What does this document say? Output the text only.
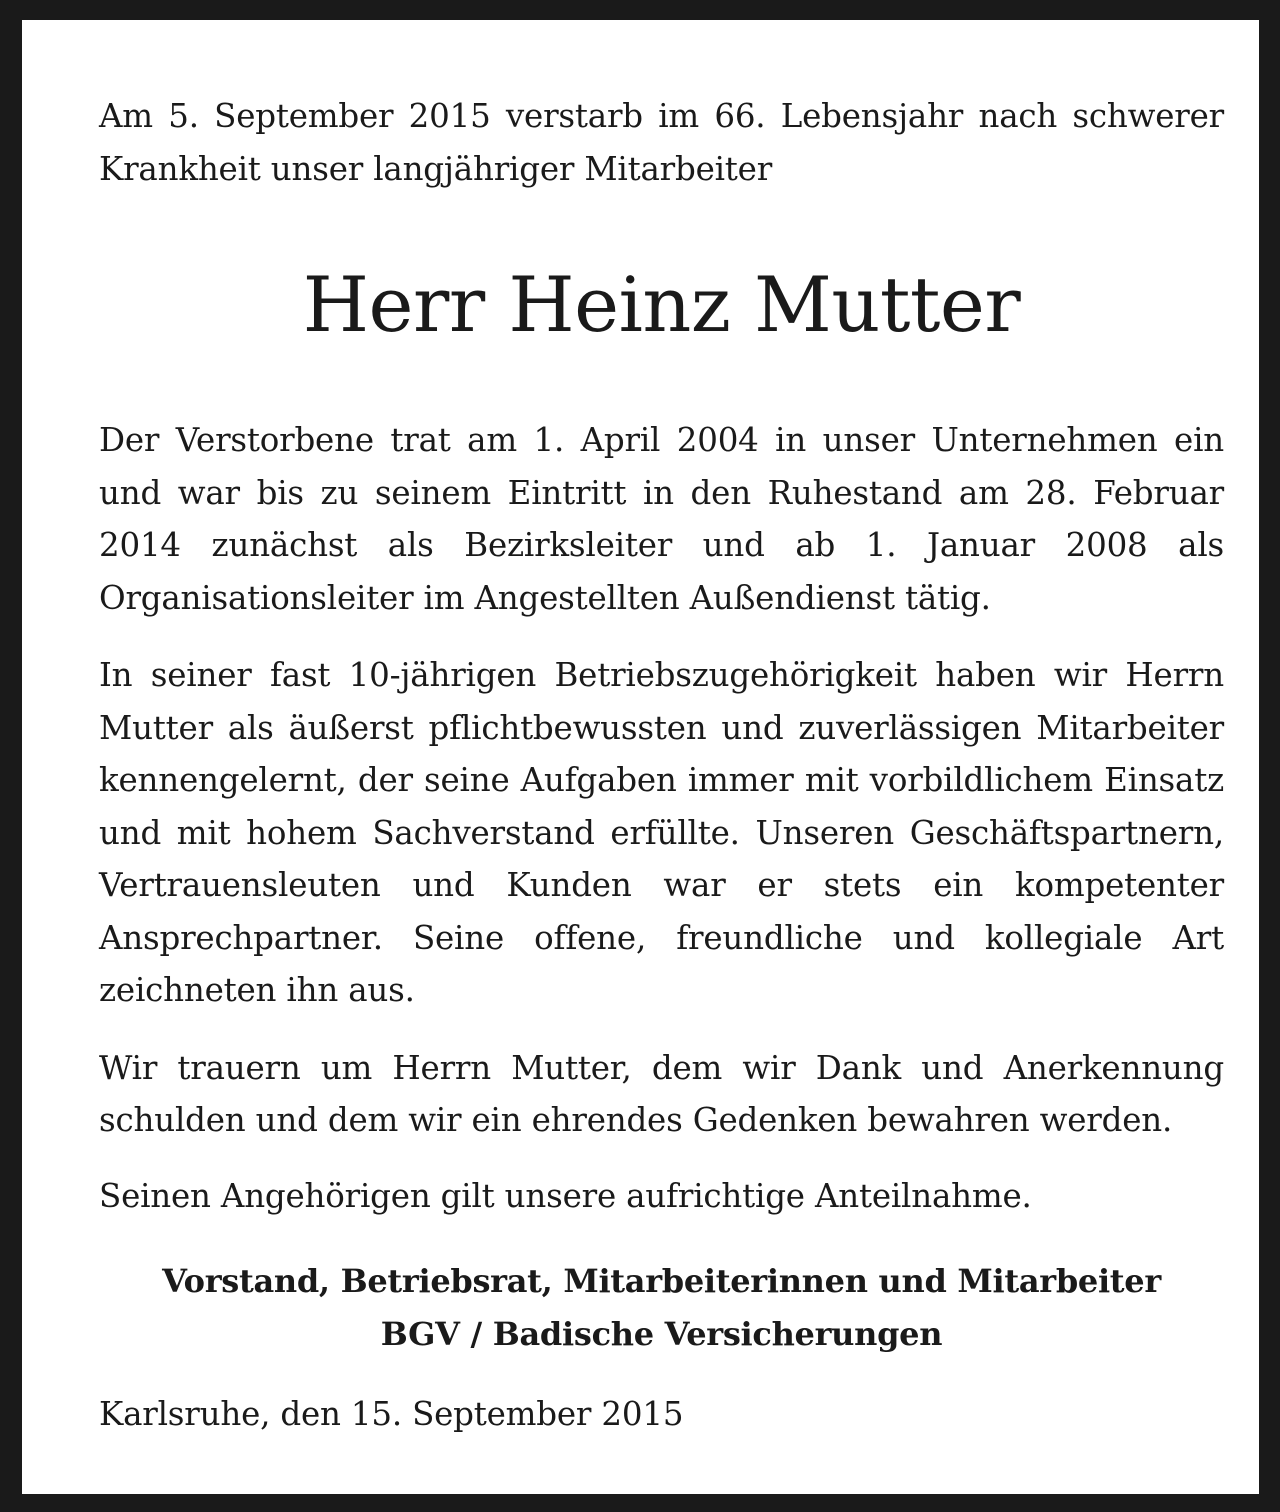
Am 5. September 2015 verstarb im 66. Lebensjahr nach schwerer Krankheit unser langjähriger Mitarbeiter

Herr Heinz Mutter

Der Verstorbene trat am 1. April 2004 in unser Unternehmen ein und war bis zu seinem Eintritt in den Ruhestand am 28. Februar 2014 zunächst als Bezirksleiter und ab 1. Januar 2008 als Organisationsleiter im Angestellten Außendienst tätig.

In seiner fast 10-jährigen Betriebszugehörigkeit haben wir Herrn Mutter als äußerst pflichtbewussten und zuverlässigen Mitarbeiter kennengelernt, der seine Aufgaben immer mit vorbildlichem Einsatz und mit hohem Sachverstand erfüllte. Unseren Geschäftspartnern, Vertrauensleuten und Kunden war er stets ein kompetenter Ansprechpartner. Seine offene, freundliche und kollegiale Art zeichneten ihn aus.

Wir trauern um Herrn Mutter, dem wir Dank und Anerkennung schulden und dem wir ein ehrendes Gedenken bewahren werden.

Seinen Angehörigen gilt unsere aufrichtige Anteilnahme.

Vorstand, Betriebsrat, Mitarbeiterinnen und Mitarbeiter
BGV / Badische Versicherungen

Karlsruhe, den 15. September 2015
